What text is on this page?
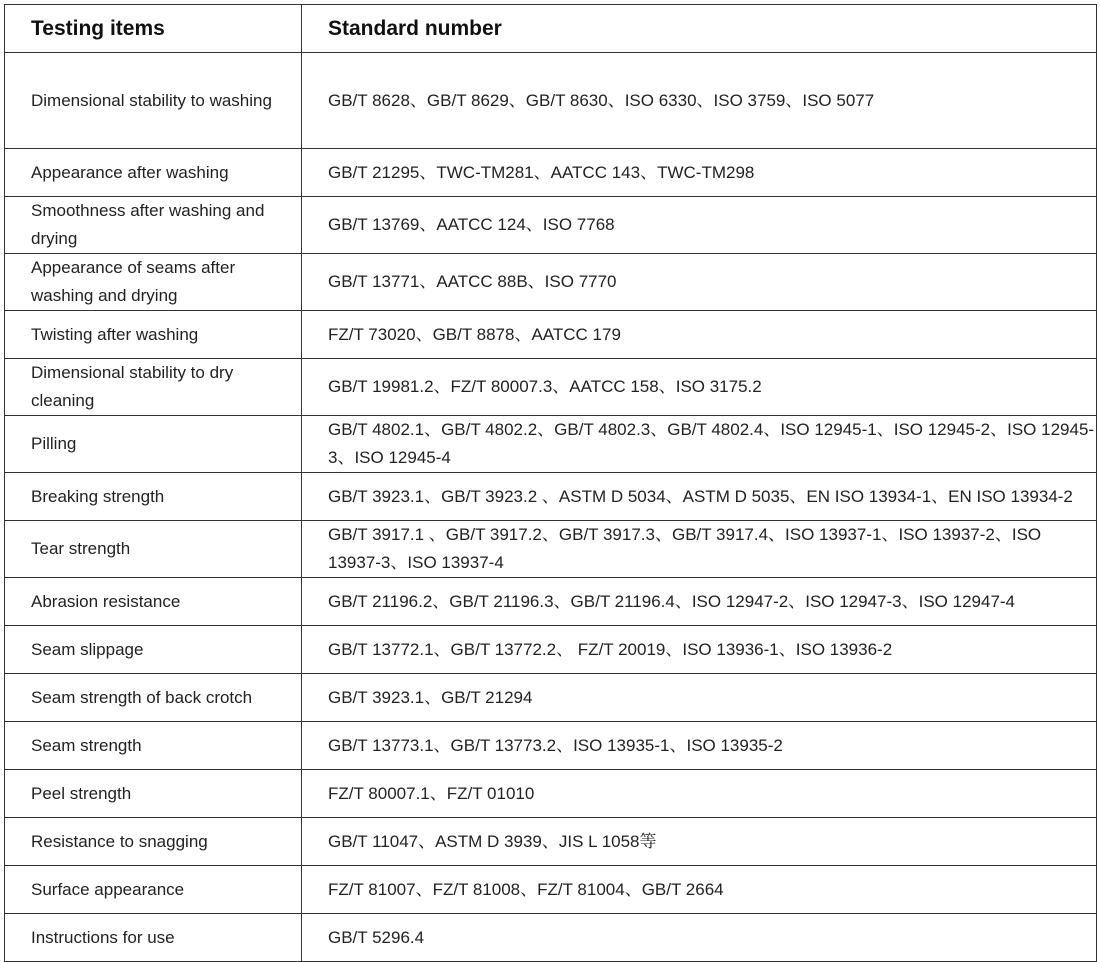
Testing items	Standard number
Dimensional stability to washing	GB/T 8628、GB/T 8629、GB/T 8630、ISO 6330、ISO 3759、ISO 5077
Appearance after washing	GB/T 21295、TWC-TM281、AATCC 143、TWC-TM298
Smoothness after washing and drying	GB/T 13769、AATCC 124、ISO 7768
Appearance of seams after washing and drying	GB/T 13771、AATCC 88B、ISO 7770
Twisting after washing	FZ/T 73020、GB/T 8878、AATCC 179
Dimensional stability to dry cleaning	GB/T 19981.2、FZ/T 80007.3、AATCC 158、ISO 3175.2
Pilling	GB/T 4802.1、GB/T 4802.2、GB/T 4802.3、GB/T 4802.4、ISO 12945-1、ISO 12945-2、ISO 12945-3、ISO 12945-4
Breaking strength	GB/T 3923.1、GB/T 3923.2 、ASTM D 5034、ASTM D 5035、EN ISO 13934-1、EN ISO 13934-2
Tear strength	GB/T 3917.1 、GB/T 3917.2、GB/T 3917.3、GB/T 3917.4、ISO 13937-1、ISO 13937-2、ISO 13937-3、ISO 13937-4
Abrasion resistance	GB/T 21196.2、GB/T 21196.3、GB/T 21196.4、ISO 12947-2、ISO 12947-3、ISO 12947-4
Seam slippage	GB/T 13772.1、GB/T 13772.2、 FZ/T 20019、ISO 13936-1、ISO 13936-2
Seam strength of back crotch	GB/T 3923.1、GB/T 21294
Seam strength	GB/T 13773.1、GB/T 13773.2、ISO 13935-1、ISO 13935-2
Peel strength	FZ/T 80007.1、FZ/T 01010
Resistance to snagging	GB/T 11047、ASTM D 3939、JIS L 1058等
Surface appearance	FZ/T 81007、FZ/T 81008、FZ/T 81004、GB/T 2664
Instructions for use	GB/T 5296.4
